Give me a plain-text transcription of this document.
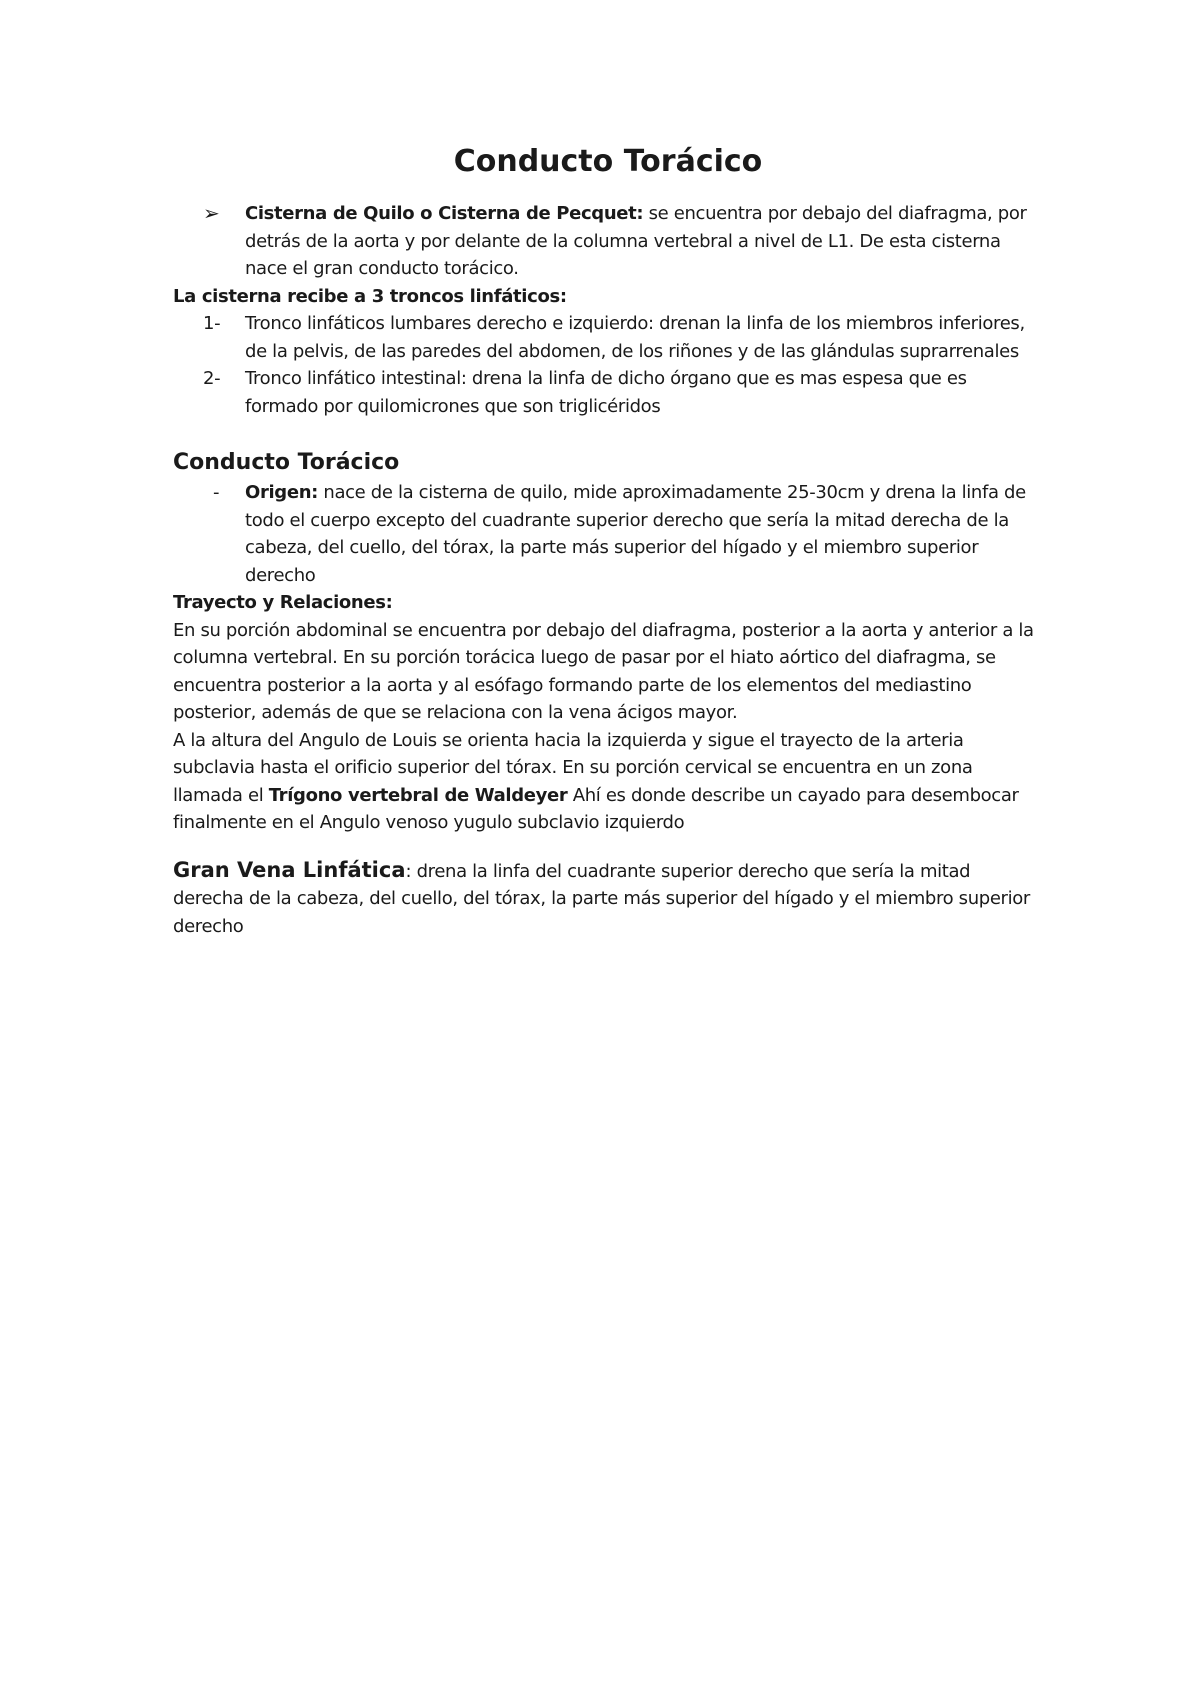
Conducto Torácico
➢	Cisterna de Quilo o Cisterna de Pecquet: se encuentra por debajo del diafragma, por detrás de la aorta y por delante de la columna vertebral a nivel de L1. De esta cisterna nace el gran conducto torácico.

La cisterna recibe a 3 troncos linfáticos:

1-	Tronco linfáticos lumbares derecho e izquierdo: drenan la linfa de los miembros inferiores, de la pelvis, de las paredes del abdomen, de los riñones y de las glándulas suprarrenales

2-	Tronco linfático intestinal: drena la linfa de dicho órgano que es mas espesa que es formado por quilomicrones que son triglicéridos

Conducto Torácico
-	Origen: nace de la cisterna de quilo, mide aproximadamente 25-30cm y drena la linfa de todo el cuerpo excepto del cuadrante superior derecho que sería la mitad derecha de la cabeza, del cuello, del tórax, la parte más superior del hígado y el miembro superior derecho

Trayecto y Relaciones:

En su porción abdominal se encuentra por debajo del diafragma, posterior a la aorta y anterior a la columna vertebral. En su porción torácica luego de pasar por el hiato aórtico del diafragma, se encuentra posterior a la aorta y al esófago formando parte de los elementos del mediastino posterior, además de que se relaciona con la vena ácigos mayor.

A la altura del Angulo de Louis se orienta hacia la izquierda y sigue el trayecto de la arteria subclavia hasta el orificio superior del tórax. En su porción cervical se encuentra en un zona llamada el Trígono vertebral de Waldeyer Ahí es donde describe un cayado para desembocar finalmente en el Angulo venoso yugulo subclavio izquierdo

Gran Vena Linfática: drena la linfa del cuadrante superior derecho que sería la mitad derecha de la cabeza, del cuello, del tórax, la parte más superior del hígado y el miembro superior derecho
